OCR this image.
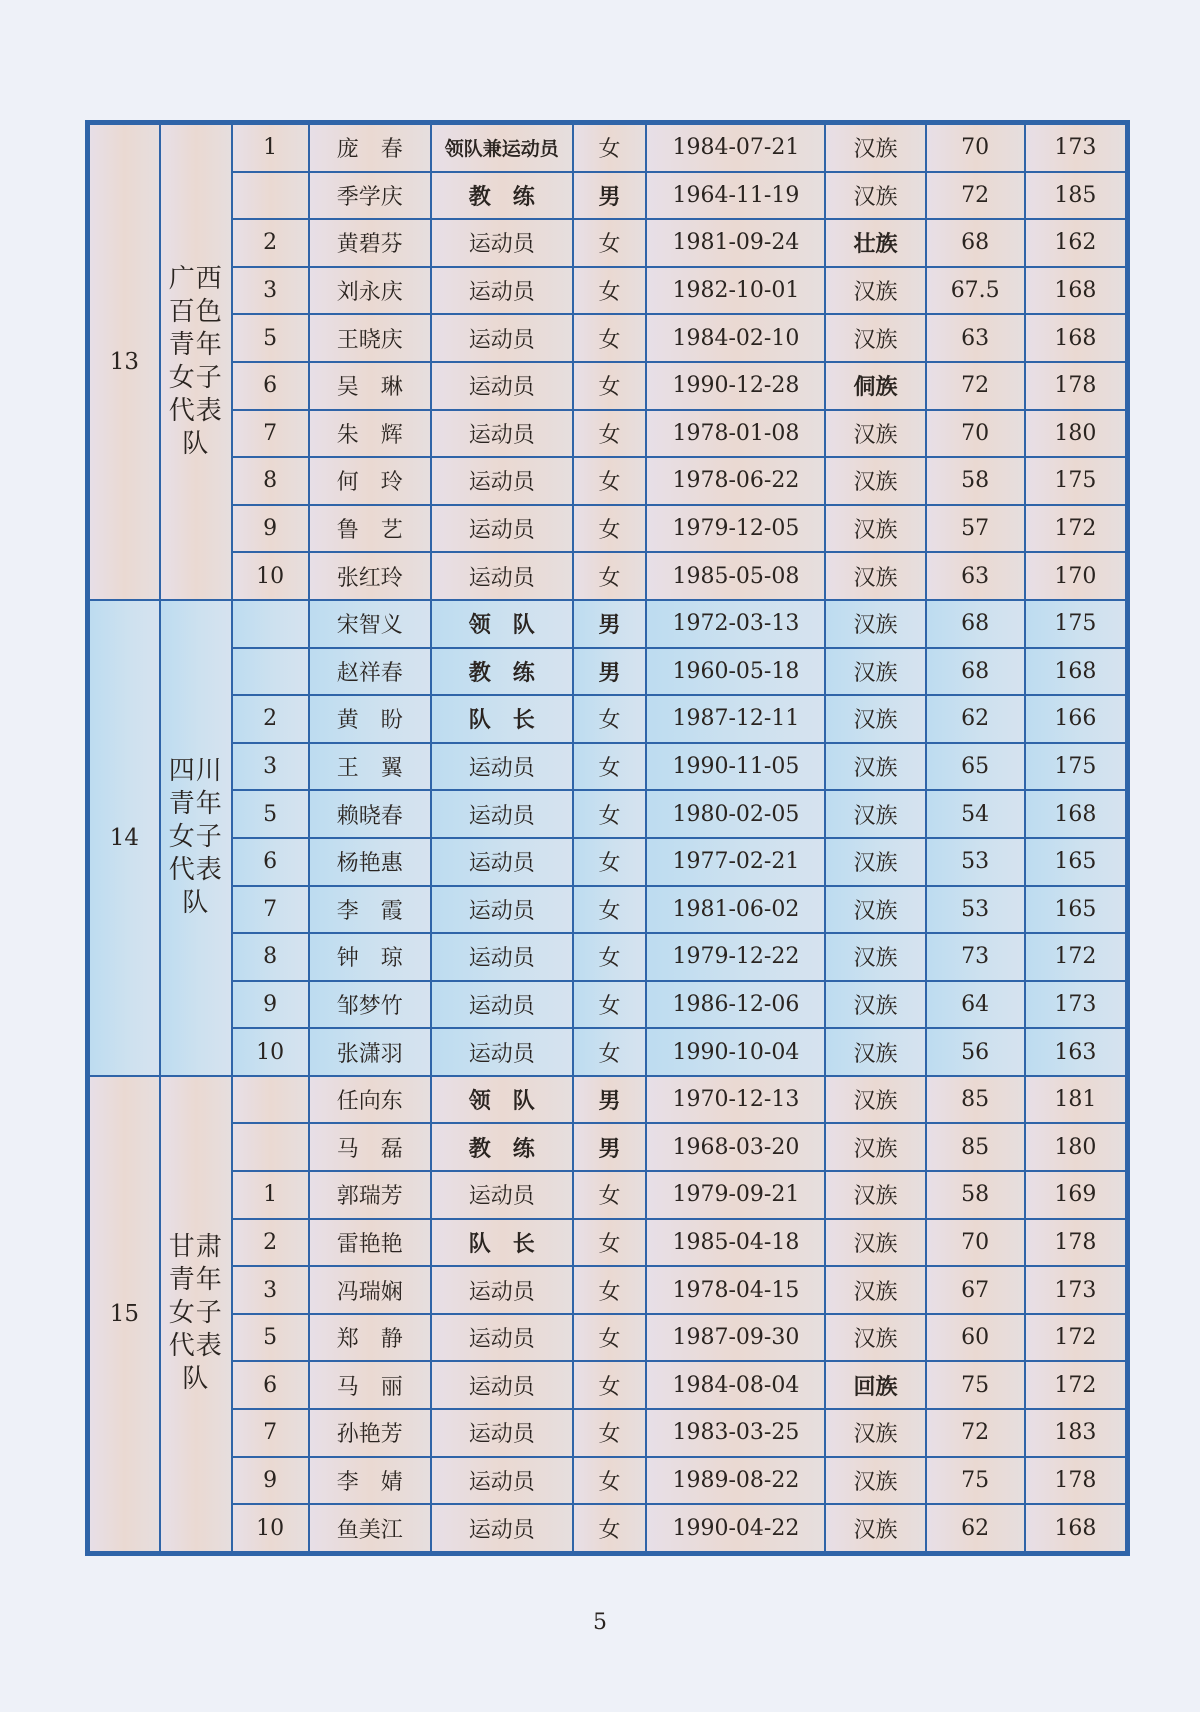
13	广西百色青年女子代表队	1	庞　春	领队兼运动员	女	1984-07-21	汉族	70	173
			季学庆	教　练	男	1964-11-19	汉族	72	185
		2	黄碧芬	运动员	女	1981-09-24	壮族	68	162
		3	刘永庆	运动员	女	1982-10-01	汉族	67.5	168
		5	王晓庆	运动员	女	1984-02-10	汉族	63	168
		6	吴　琳	运动员	女	1990-12-28	侗族	72	178
		7	朱　辉	运动员	女	1978-01-08	汉族	70	180
		8	何　玲	运动员	女	1978-06-22	汉族	58	175
		9	鲁　艺	运动员	女	1979-12-05	汉族	57	172
		10	张红玲	运动员	女	1985-05-08	汉族	63	170
14	四川青年女子代表队		宋智义	领　队	男	1972-03-13	汉族	68	175
			赵祥春	教　练	男	1960-05-18	汉族	68	168
		2	黄　盼	队　长	女	1987-12-11	汉族	62	166
		3	王　翼	运动员	女	1990-11-05	汉族	65	175
		5	赖晓春	运动员	女	1980-02-05	汉族	54	168
		6	杨艳惠	运动员	女	1977-02-21	汉族	53	165
		7	李　霞	运动员	女	1981-06-02	汉族	53	165
		8	钟　琼	运动员	女	1979-12-22	汉族	73	172
		9	邹梦竹	运动员	女	1986-12-06	汉族	64	173
		10	张潇羽	运动员	女	1990-10-04	汉族	56	163
15	甘肃青年女子代表队		任向东	领　队	男	1970-12-13	汉族	85	181
			马　磊	教　练	男	1968-03-20	汉族	85	180
		1	郭瑞芳	运动员	女	1979-09-21	汉族	58	169
		2	雷艳艳	队　长	女	1985-04-18	汉族	70	178
		3	冯瑞娴	运动员	女	1978-04-15	汉族	67	173
		5	郑　静	运动员	女	1987-09-30	汉族	60	172
		6	马　丽	运动员	女	1984-08-04	回族	75	172
		7	孙艳芳	运动员	女	1983-03-25	汉族	72	183
		9	李　婧	运动员	女	1989-08-22	汉族	75	178
		10	鱼美江	运动员	女	1990-04-22	汉族	62	168
5
